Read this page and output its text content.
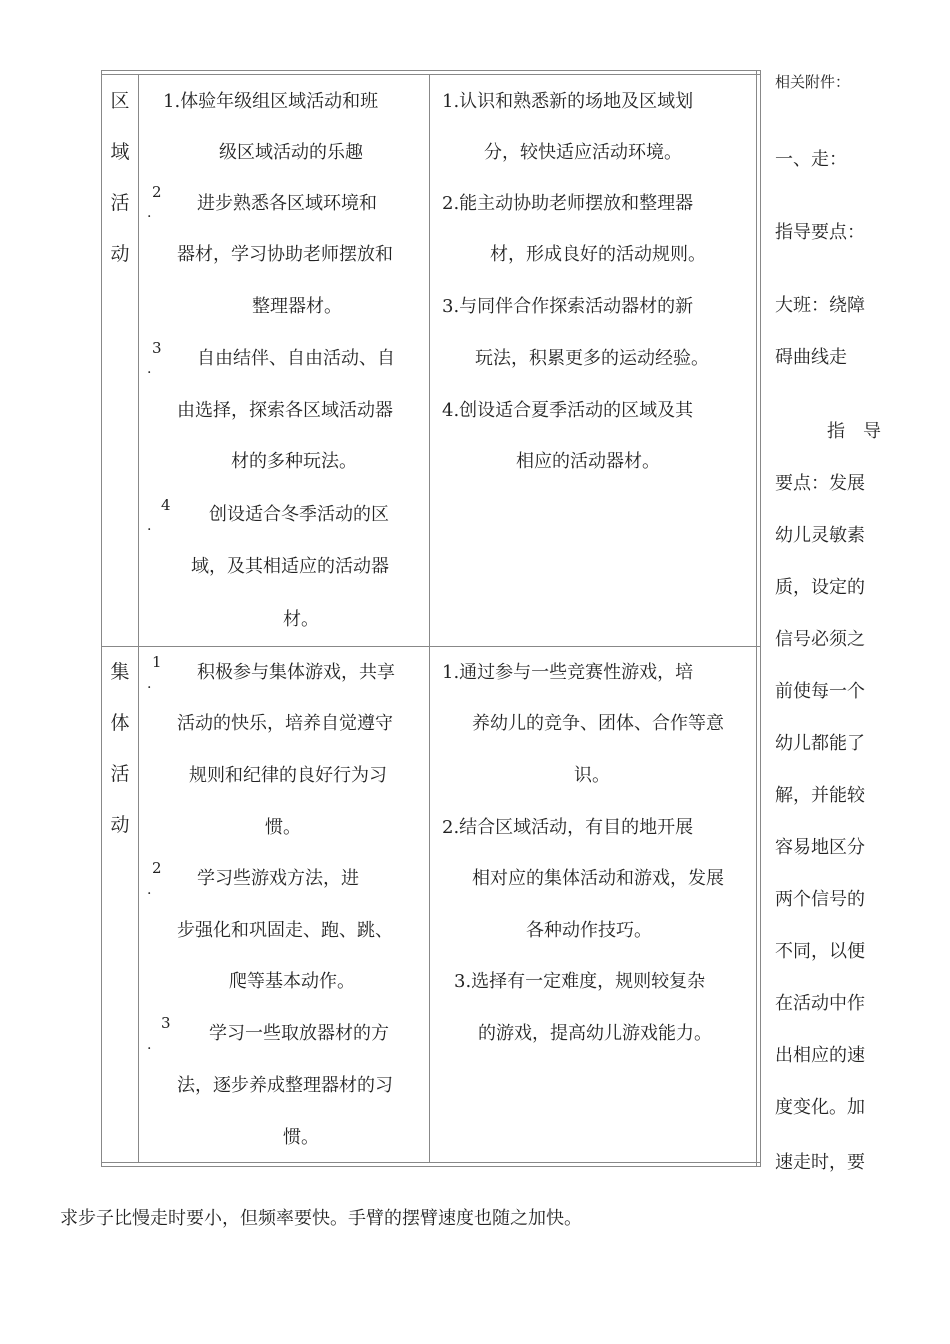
区
域
活
动
1.体验年级组区域活动和班
级区域活动的乐趣
2
.	进步熟悉各区域环境和
器材，学习协助老师摆放和
整理器材。
3
.	自由结伴、自由活动、自
由选择，探索各区域活动器
材的多种玩法。
4
.
创设适合冬季活动的区
域，及其相适应的活动器
材。
1.认识和熟悉新的场地及区域划
分，较快适应活动环境。
2.能主动协助老师摆放和整理器
材，形成良好的活动规则。
3.与同伴合作探索活动器材的新
玩法，积累更多的运动经验。
4.创设适合夏季活动的区域及其
相应的活动器材。
集
体
活
动
1
.
积极参与集体游戏，共享
活动的快乐，培养自觉遵守
规则和纪律的良好行为习
惯。
2
.
学习些游戏方法，进
步强化和巩固走、跑、跳、
爬等基本动作。
3
.
学习一些取放器材的方
法，逐步养成整理器材的习
惯。
1.通过参与一些竞赛性游戏，培
养幼儿的竞争、团体、合作等意
识。
2.结合区域活动，有目的地开展
相对应的集体活动和游戏，发展
各种动作技巧。
3.选择有一定难度，规则较复杂
的游戏，提高幼儿游戏能力。
相关附件：
一、走：
指导要点：
大班：绕障
碍曲线走
指　导
要点：发展
幼儿灵敏素
质，设定的
信号必须之
前使每一个
幼儿都能了
解，并能较
容易地区分
两个信号的
不同，以便
在活动中作
出相应的速
度变化。加
速走时，要
求步子比慢走时要小，但频率要快。手臂的摆臂速度也随之加快。
